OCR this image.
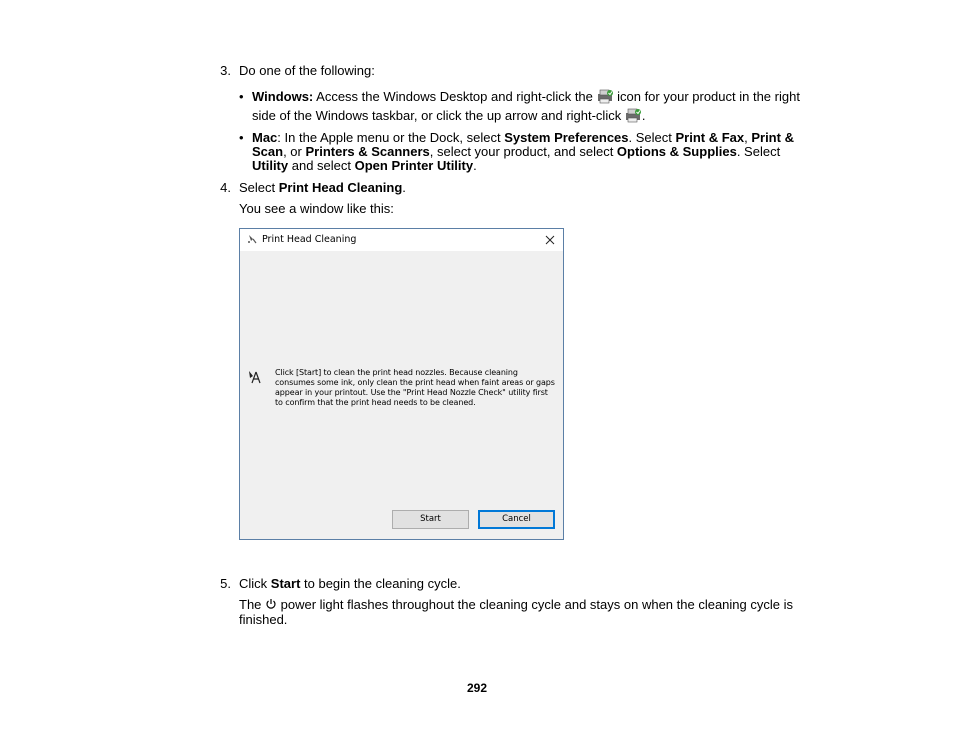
3. Do one of the following:
• Windows: Access the Windows Desktop and right-click the
icon for your product in the right
side of the Windows taskbar, or click the up arrow and right-click
.
• Mac: In the Apple menu or the Dock, select System Preferences. Select Print & Fax, Print &
Scan, or Printers & Scanners, select your product, and select Options & Supplies. Select
Utility and select Open Printer Utility.
4. Select Print Head Cleaning.
You see a window like this:
Print Head Cleaning
Click [Start] to clean the print head nozzles. Because cleaning consumes some ink, only clean the print head when faint areas or gaps appear in your printout. Use the "Print Head Nozzle Check" utility first to confirm that the print head needs to be cleaned.
Start	Cancel
5. Click Start to begin the cleaning cycle.
The  power light flashes throughout the cleaning cycle and stays on when the cleaning cycle is
finished.
292
